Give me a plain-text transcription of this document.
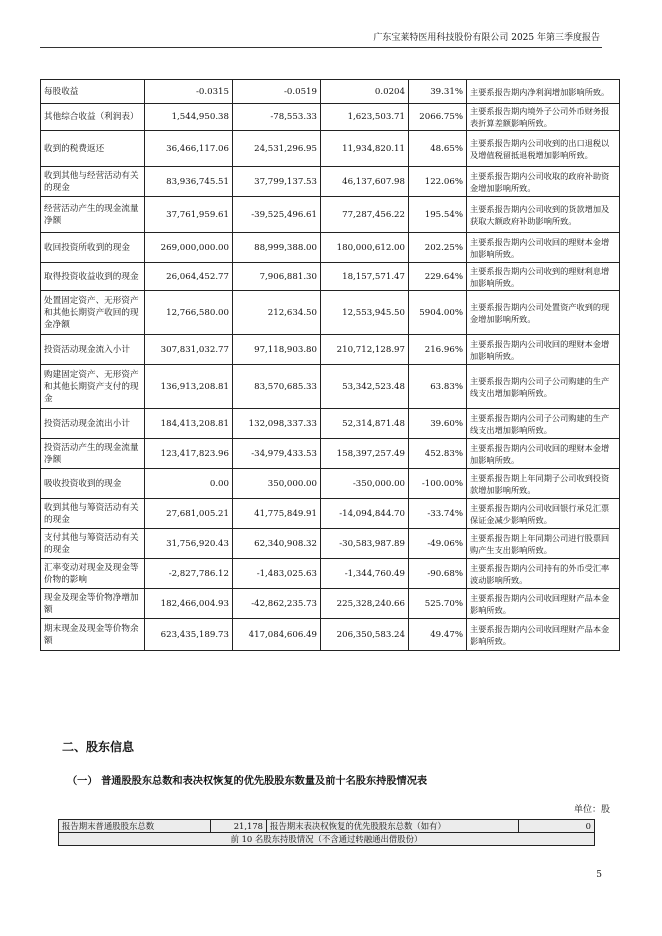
广东宝莱特医用科技股份有限公司 2025 年第三季度报告
每股收益	-0.0315	-0.0519	0.0204	39.31%	主要系报告期内净利润增加影响所致。
其他综合收益（利润表）	1,544,950.38	-78,553.33	1,623,503.71	2066.75%	主要系报告期内境外子公司外币财务报表折算差额影响所致。
收到的税费返还	36,466,117.06	24,531,296.95	11,934,820.11	48.65%	主要系报告期内公司收到的出口退税以及增值税留抵退税增加影响所致。
收到其他与经营活动有关的现金	83,936,745.51	37,799,137.53	46,137,607.98	122.06%	主要系报告期内公司收取的政府补助资金增加影响所致。
经营活动产生的现金流量净额	37,761,959.61	-39,525,496.61	77,287,456.22	195.54%	主要系报告期内公司收到的货款增加及获取大额政府补助影响所致。
收回投资所收到的现金	269,000,000.00	88,999,388.00	180,000,612.00	202.25%	主要系报告期内公司收回的理财本金增加影响所致。
取得投资收益收到的现金	26,064,452.77	7,906,881.30	18,157,571.47	229.64%	主要系报告期内公司收到的理财利息增加影响所致。
处置固定资产、无形资产和其他长期资产收回的现金净额	12,766,580.00	212,634.50	12,553,945.50	5904.00%	主要系报告期内公司处置资产收到的现金增加影响所致。
投资活动现金流入小计	307,831,032.77	97,118,903.80	210,712,128.97	216.96%	主要系报告期内公司收回的理财本金增加影响所致。
购建固定资产、无形资产和其他长期资产支付的现金	136,913,208.81	83,570,685.33	53,342,523.48	63.83%	主要系报告期内公司子公司购建的生产线支出增加影响所致。
投资活动现金流出小计	184,413,208.81	132,098,337.33	52,314,871.48	39.60%	主要系报告期内公司子公司购建的生产线支出增加影响所致。
投资活动产生的现金流量净额	123,417,823.96	-34,979,433.53	158,397,257.49	452.83%	主要系报告期内公司收回的理财本金增加影响所致。
吸收投资收到的现金	0.00	350,000.00	-350,000.00	-100.00%	主要系报告期上年同期子公司收到投资款增加影响所致。
收到其他与筹资活动有关的现金	27,681,005.21	41,775,849.91	-14,094,844.70	-33.74%	主要系报告期内公司收回银行承兑汇票保证金减少影响所致。
支付其他与筹资活动有关的现金	31,756,920.43	62,340,908.32	-30,583,987.89	-49.06%	主要系报告期上年同期公司进行股票回购产生支出影响所致。
汇率变动对现金及现金等价物的影响	-2,827,786.12	-1,483,025.63	-1,344,760.49	-90.68%	主要系报告期内公司持有的外币受汇率波动影响所致。
现金及现金等价物净增加额	182,466,004.93	-42,862,235.73	225,328,240.66	525.70%	主要系报告期内公司收回理财产品本金影响所致。
期末现金及现金等价物余额	623,435,189.73	417,084,606.49	206,350,583.24	49.47%	主要系报告期内公司收回理财产品本金影响所致。
二、股东信息
（一） 普通股股东总数和表决权恢复的优先股股东数量及前十名股东持股情况表
单位：股
报告期末普通股股东总数	21,178	报告期末表决权恢复的优先股股东总数（如有）	0
前 10 名股东持股情况（不含通过转融通出借股份）
5
